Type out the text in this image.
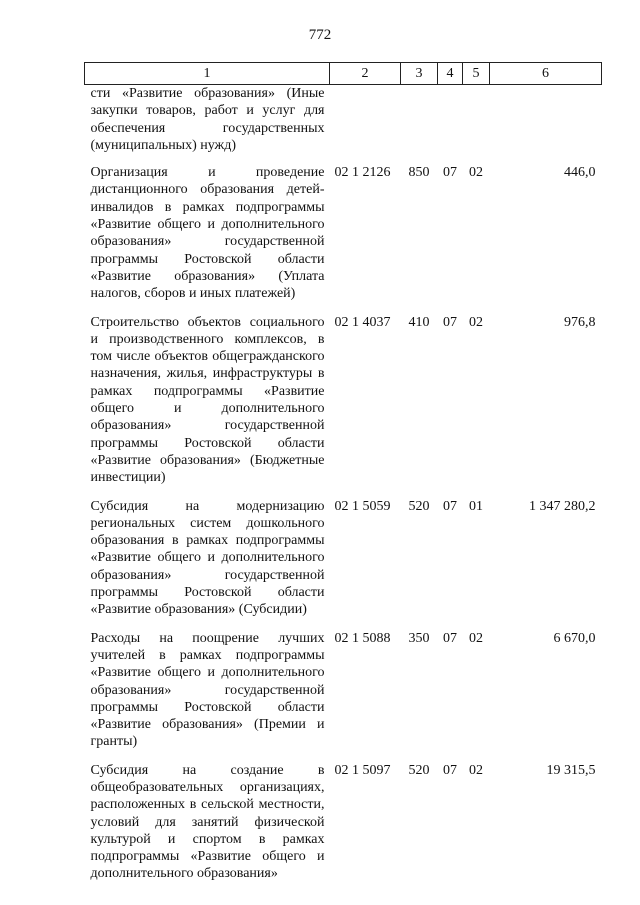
772
1	2	3	4	5	6
сти «Развитие образования» (Иные закупки товаров, работ и услуг для обеспечения государственных (муниципальных) нужд)					
Организация и проведение дистанционного образования детей-инвалидов в рамках подпрограммы «Развитие общего и дополнительного образования» государственной программы Ростовской области «Развитие образования» (Уплата налогов, сборов и иных платежей)	02 1 2126	850	07	02	446,0
Строительство объектов социального и производственного комплексов, в том числе объектов общегражданского назначения, жилья, инфраструктуры в рамках подпрограммы «Развитие общего и дополнительного образования» государственной программы Ростовской области «Развитие образования» (Бюджетные инвестиции)	02 1 4037	410	07	02	976,8
Субсидия на модернизацию региональных систем дошкольного образования в рамках подпрограммы «Развитие общего и дополнительного образования» государственной программы Ростовской области «Развитие образования» (Субсидии)	02 1 5059	520	07	01	1 347 280,2
Расходы на поощрение лучших учителей в рамках подпрограммы «Развитие общего и дополнительного образования» государственной программы Ростовской области «Развитие образования» (Премии и гранты)	02 1 5088	350	07	02	6 670,0
Субсидия на создание в общеобразовательных организациях, расположенных в сельской местности, условий для занятий физической культурой и спортом в рамках подпрограммы «Развитие общего и дополнительного образования»	02 1 5097	520	07	02	19 315,5
